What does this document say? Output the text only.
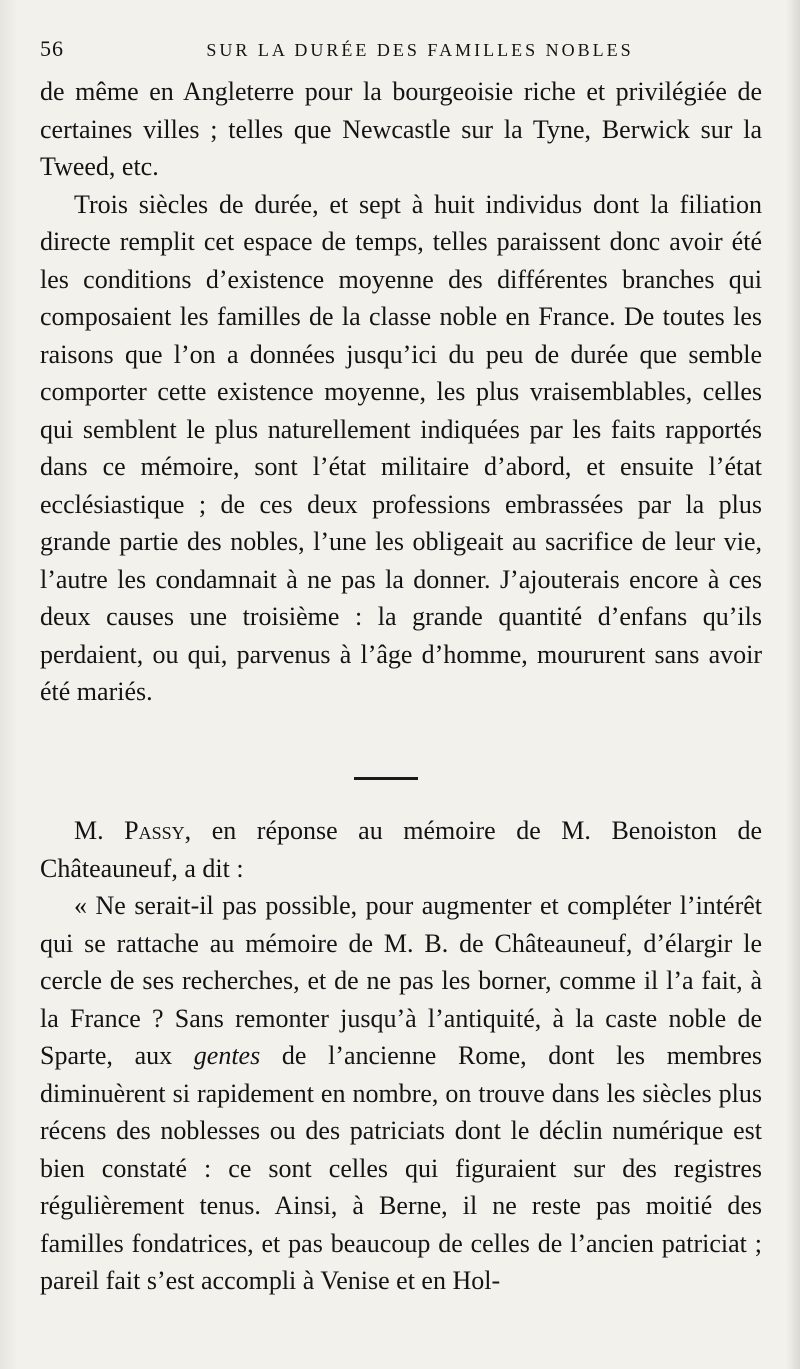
56	SUR LA DURÉE DES FAMILLES NOBLES

de même en Angleterre pour la bourgeoisie riche et privilégiée de certaines villes ; telles que Newcastle sur la Tyne, Berwick sur la Tweed, etc.

Trois siècles de durée, et sept à huit individus dont la filiation directe remplit cet espace de temps, telles paraissent donc avoir été les conditions d’existence moyenne des différentes branches qui composaient les familles de la classe noble en France. De toutes les raisons que l’on a données jusqu’ici du peu de durée que semble comporter cette existence moyenne, les plus vraisemblables, celles qui semblent le plus naturellement indiquées par les faits rapportés dans ce mémoire, sont l’état militaire d’abord, et ensuite l’état ecclésiastique ; de ces deux professions embrassées par la plus grande partie des nobles, l’une les obligeait au sacrifice de leur vie, l’autre les condamnait à ne pas la donner. J’ajouterais encore à ces deux causes une troisième : la grande quantité d’enfans qu’ils perdaient, ou qui, parvenus à l’âge d’homme, moururent sans avoir été mariés.

M. Passy, en réponse au mémoire de M. Benoiston de Châteauneuf, a dit :

« Ne serait-il pas possible, pour augmenter et compléter l’intérêt qui se rattache au mémoire de M. B. de Châteauneuf, d’élargir le cercle de ses recherches, et de ne pas les borner, comme il l’a fait, à la France ? Sans remonter jusqu’à l’antiquité, à la caste noble de Sparte, aux gentes de l’ancienne Rome, dont les membres diminuèrent si rapidement en nombre, on trouve dans les siècles plus récens des noblesses ou des patriciats dont le déclin numérique est bien constaté : ce sont celles qui figuraient sur des registres régulièrement tenus. Ainsi, à Berne, il ne reste pas moitié des familles fondatrices, et pas beaucoup de celles de l’ancien patriciat ; pareil fait s’est accompli à Venise et en Hol-
